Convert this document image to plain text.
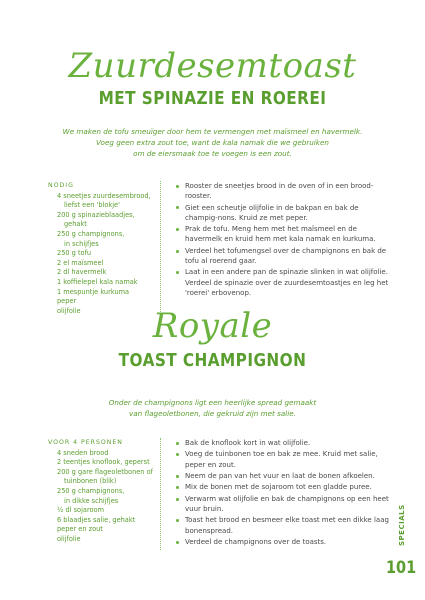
Zuurdesemtoast
MET SPINAZIE EN ROEREI
We maken de tofu smeuïger door hem te vermengen met maïsmeel en havermelk.
Voeg geen extra zout toe, want de kala namak die we gebruiken
om de eiersmaak toe te voegen is een zout.
NODIG
4 sneetjes zuurdesembrood,
liefst een 'blokje'
200 g spinazieblaadjes,
gehakt
250 g champignons,
in schijfjes
250 g tofu
2 el maïsmeel
2 dl havermelk
1 koffielepel kala namak
1 mespuntje kurkuma
peper
olijfolie
Rooster de sneetjes brood in de oven of in een brood-rooster.
Giet een scheutje olijfolie in de bakpan en bak de champig-nons. Kruid ze met peper.
Prak de tofu. Meng hem met het maïsmeel en de havermelk en kruid hem met kala namak en kurkuma.
Verdeel het tofumengsel over de champignons en bak de tofu al roerend gaar.
Laat in een andere pan de spinazie slinken in wat olijfolie. Verdeel de spinazie over de zuurdesemtoastjes en leg het 'roerei' erbovenop.
Royale
TOAST CHAMPIGNON
Onder de champignons ligt een heerlijke spread gemaakt
van flageoletbonen, die gekruid zijn met salie.
VOOR 4 PERSONEN
4 sneden brood
2 teentjes knoflook, geperst
200 g gare flageoletbonen of
tuinbonen (blik)
250 g champignons,
in dikke schijfjes
½ dl sojaroom
6 blaadjes salie, gehakt
peper en zout
olijfolie
Bak de knoflook kort in wat olijfolie.
Voeg de tuinbonen toe en bak ze mee. Kruid met salie, peper en zout.
Neem de pan van het vuur en laat de bonen afkoelen.
Mix de bonen met de sojaroom tot een gladde puree.
Verwarm wat olijfolie en bak de champignons op een heet vuur bruin.
Toast het brood en besmeer elke toast met een dikke laag bonenspread.
Verdeel de champignons over de toasts.	SPECIALS
101
